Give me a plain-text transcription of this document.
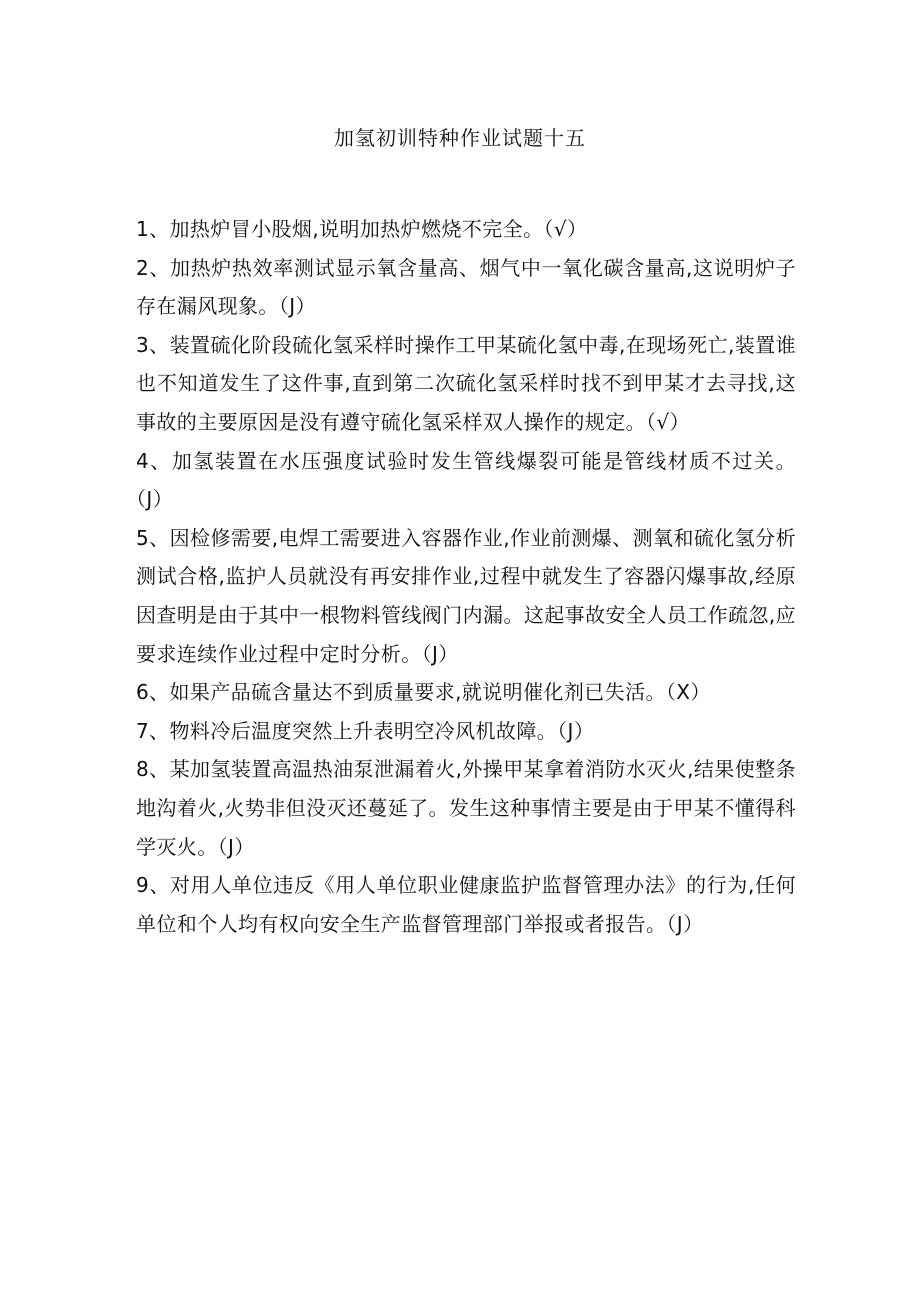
加氢初训特种作业试题十五

1、加热炉冒小股烟,说明加热炉燃烧不完全。（√）

2、加热炉热效率测试显示氧含量高、烟气中一氧化碳含量高,这说明炉子存在漏风现象。（J）

3、装置硫化阶段硫化氢采样时操作工甲某硫化氢中毒,在现场死亡,装置谁也不知道发生了这件事,直到第二次硫化氢采样时找不到甲某才去寻找,这事故的主要原因是没有遵守硫化氢采样双人操作的规定。（√）

4、加氢装置在水压强度试验时发生管线爆裂可能是管线材质不过关。（J）

5、因检修需要,电焊工需要进入容器作业,作业前测爆、测氧和硫化氢分析测试合格,监护人员就没有再安排作业,过程中就发生了容器闪爆事故,经原因查明是由于其中一根物料管线阀门内漏。这起事故安全人员工作疏忽,应要求连续作业过程中定时分析。（J）

6、如果产品硫含量达不到质量要求,就说明催化剂已失活。（X）

7、物料冷后温度突然上升表明空冷风机故障。（J）

8、某加氢装置高温热油泵泄漏着火,外操甲某拿着消防水灭火,结果使整条地沟着火,火势非但没灭还蔓延了。发生这种事情主要是由于甲某不懂得科学灭火。（J）

9、对用人单位违反《用人单位职业健康监护监督管理办法》的行为,任何单位和个人均有权向安全生产监督管理部门举报或者报告。（J）
